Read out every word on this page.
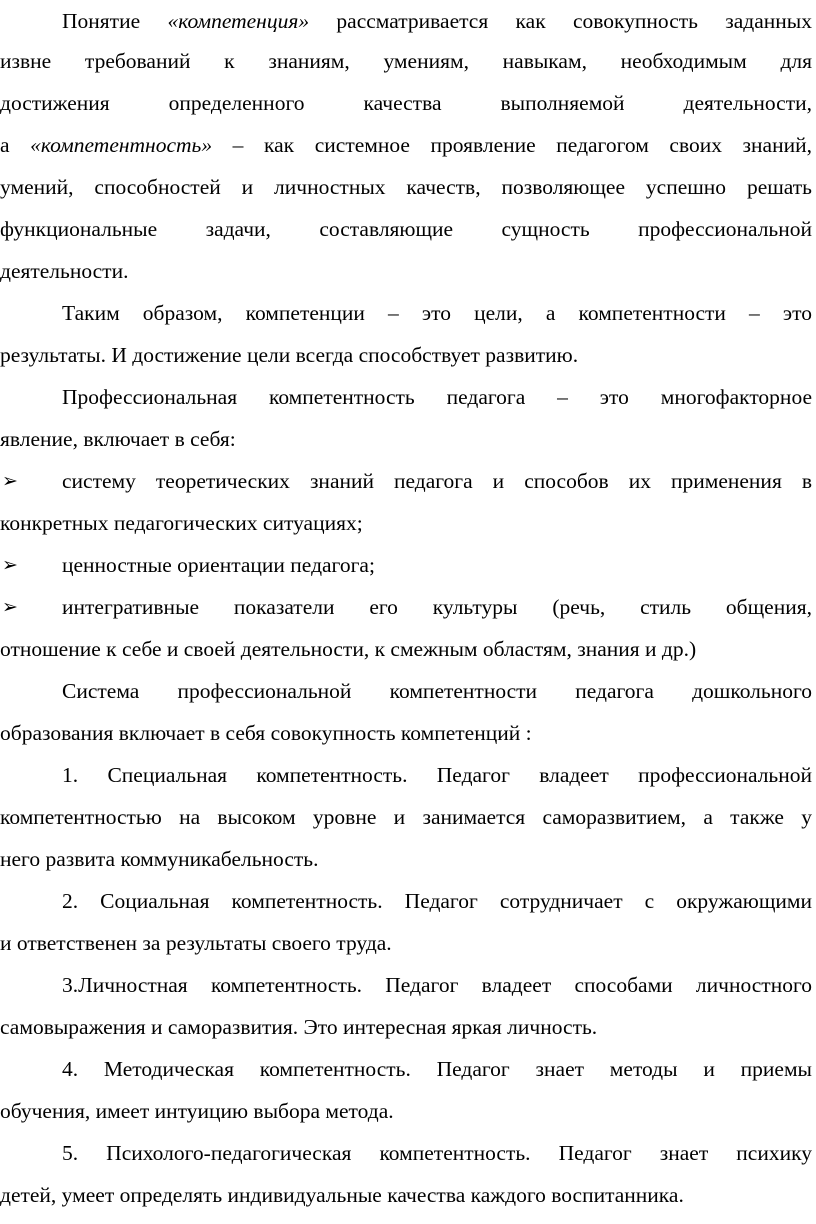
Понятие «компетенция» рассматривается как совокупность заданных
извне требований к знаниям, умениям, навыкам, необходимым для
достижения определенного качества выполняемой деятельности,
а «компетентность» – как системное проявление педагогом своих знаний,
умений, способностей и личностных качеств, позволяющее успешно решать
функциональные задачи, составляющие сущность профессиональной
деятельности.
Таким образом, компетенции – это цели, а компетентности – это
результаты. И достижение цели всегда способствует развитию.
Профессиональная компетентность педагога – это многофакторное
явление, включает в себя:
➢	систему теоретических знаний педагога и способов их применения в
конкретных педагогических ситуациях;
➢	ценностные ориентации педагога;
➢	интегративные показатели его культуры (речь, стиль общения,
отношение к себе и своей деятельности, к смежным областям, знания и др.)
Система профессиональной компетентности педагога дошкольного
образования включает в себя совокупность компетенций :
1. Специальная компетентность. Педагог владеет профессиональной
компетентностью на высоком уровне и занимается саморазвитием, а также у
него развита коммуникабельность.
2. Социальная компетентность. Педагог сотрудничает с окружающими
и ответственен за результаты своего труда.
3.Личностная компетентность. Педагог владеет способами личностного
самовыражения и саморазвития. Это интересная яркая личность.
4. Методическая компетентность. Педагог знает методы и приемы
обучения, имеет интуицию выбора метода.
5. Психолого-педагогическая компетентность. Педагог знает психику
детей, умеет определять индивидуальные качества каждого воспитанника.
